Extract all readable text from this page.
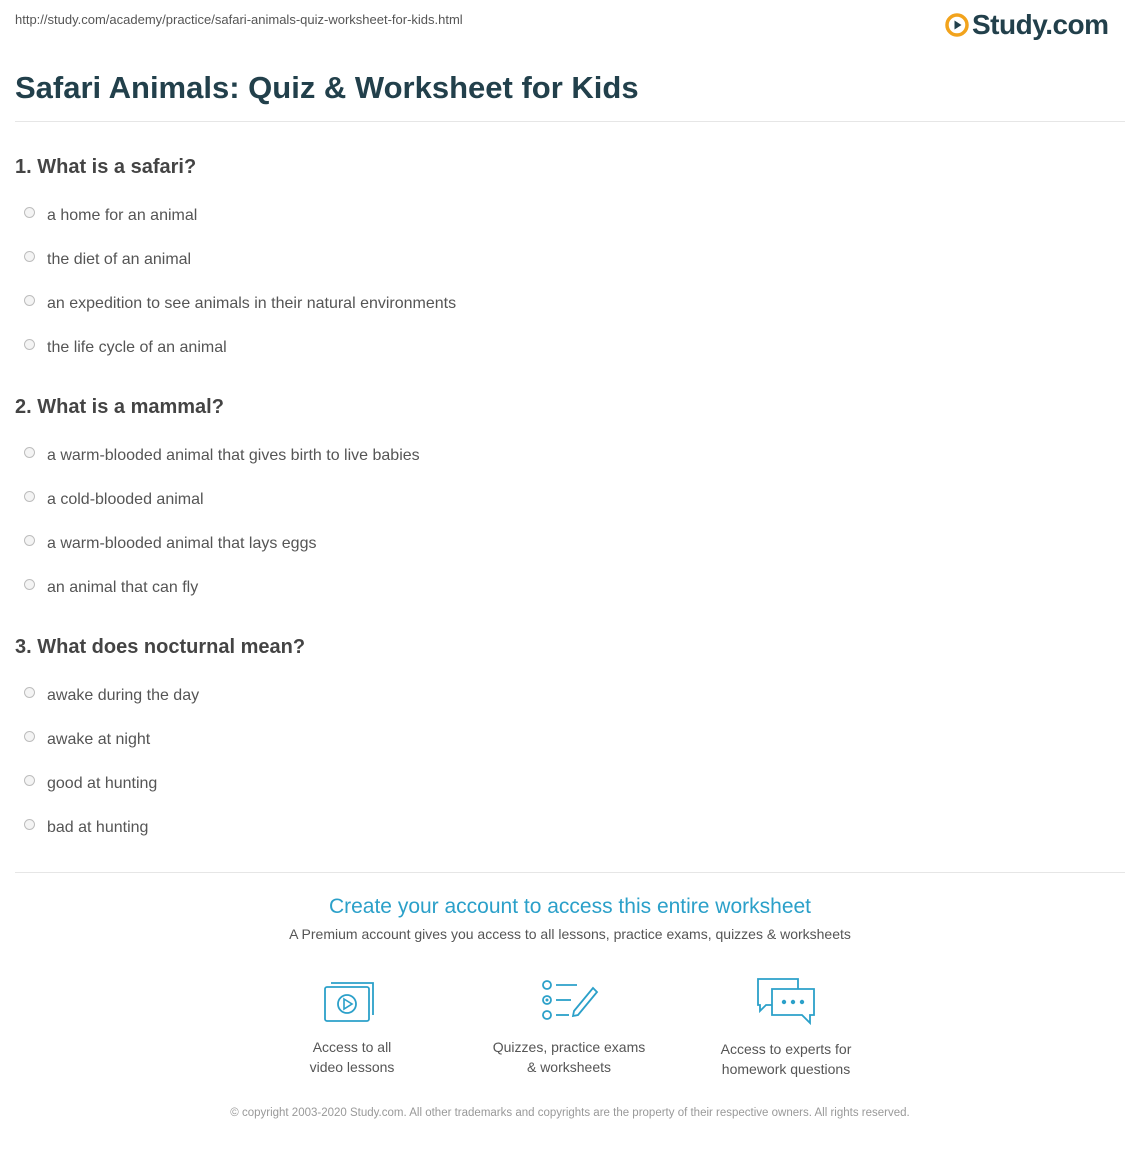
http://study.com/academy/practice/safari-animals-quiz-worksheet-for-kids.html	Study.com
Safari Animals: Quiz & Worksheet for Kids
1. What is a safari?
a home for an animal
the diet of an animal
an expedition to see animals in their natural environments
the life cycle of an animal
2. What is a mammal?
a warm-blooded animal that gives birth to live babies
a cold-blooded animal
a warm-blooded animal that lays eggs
an animal that can fly
3. What does nocturnal mean?
awake during the day
awake at night
good at hunting
bad at hunting
Create your account to access this entire worksheet
A Premium account gives you access to all lessons, practice exams, quizzes & worksheets
Access to all
video lessons
Quizzes, practice exams
& worksheets
Access to experts for
homework questions
© copyright 2003-2020 Study.com. All other trademarks and copyrights are the property of their respective owners. All rights reserved.
